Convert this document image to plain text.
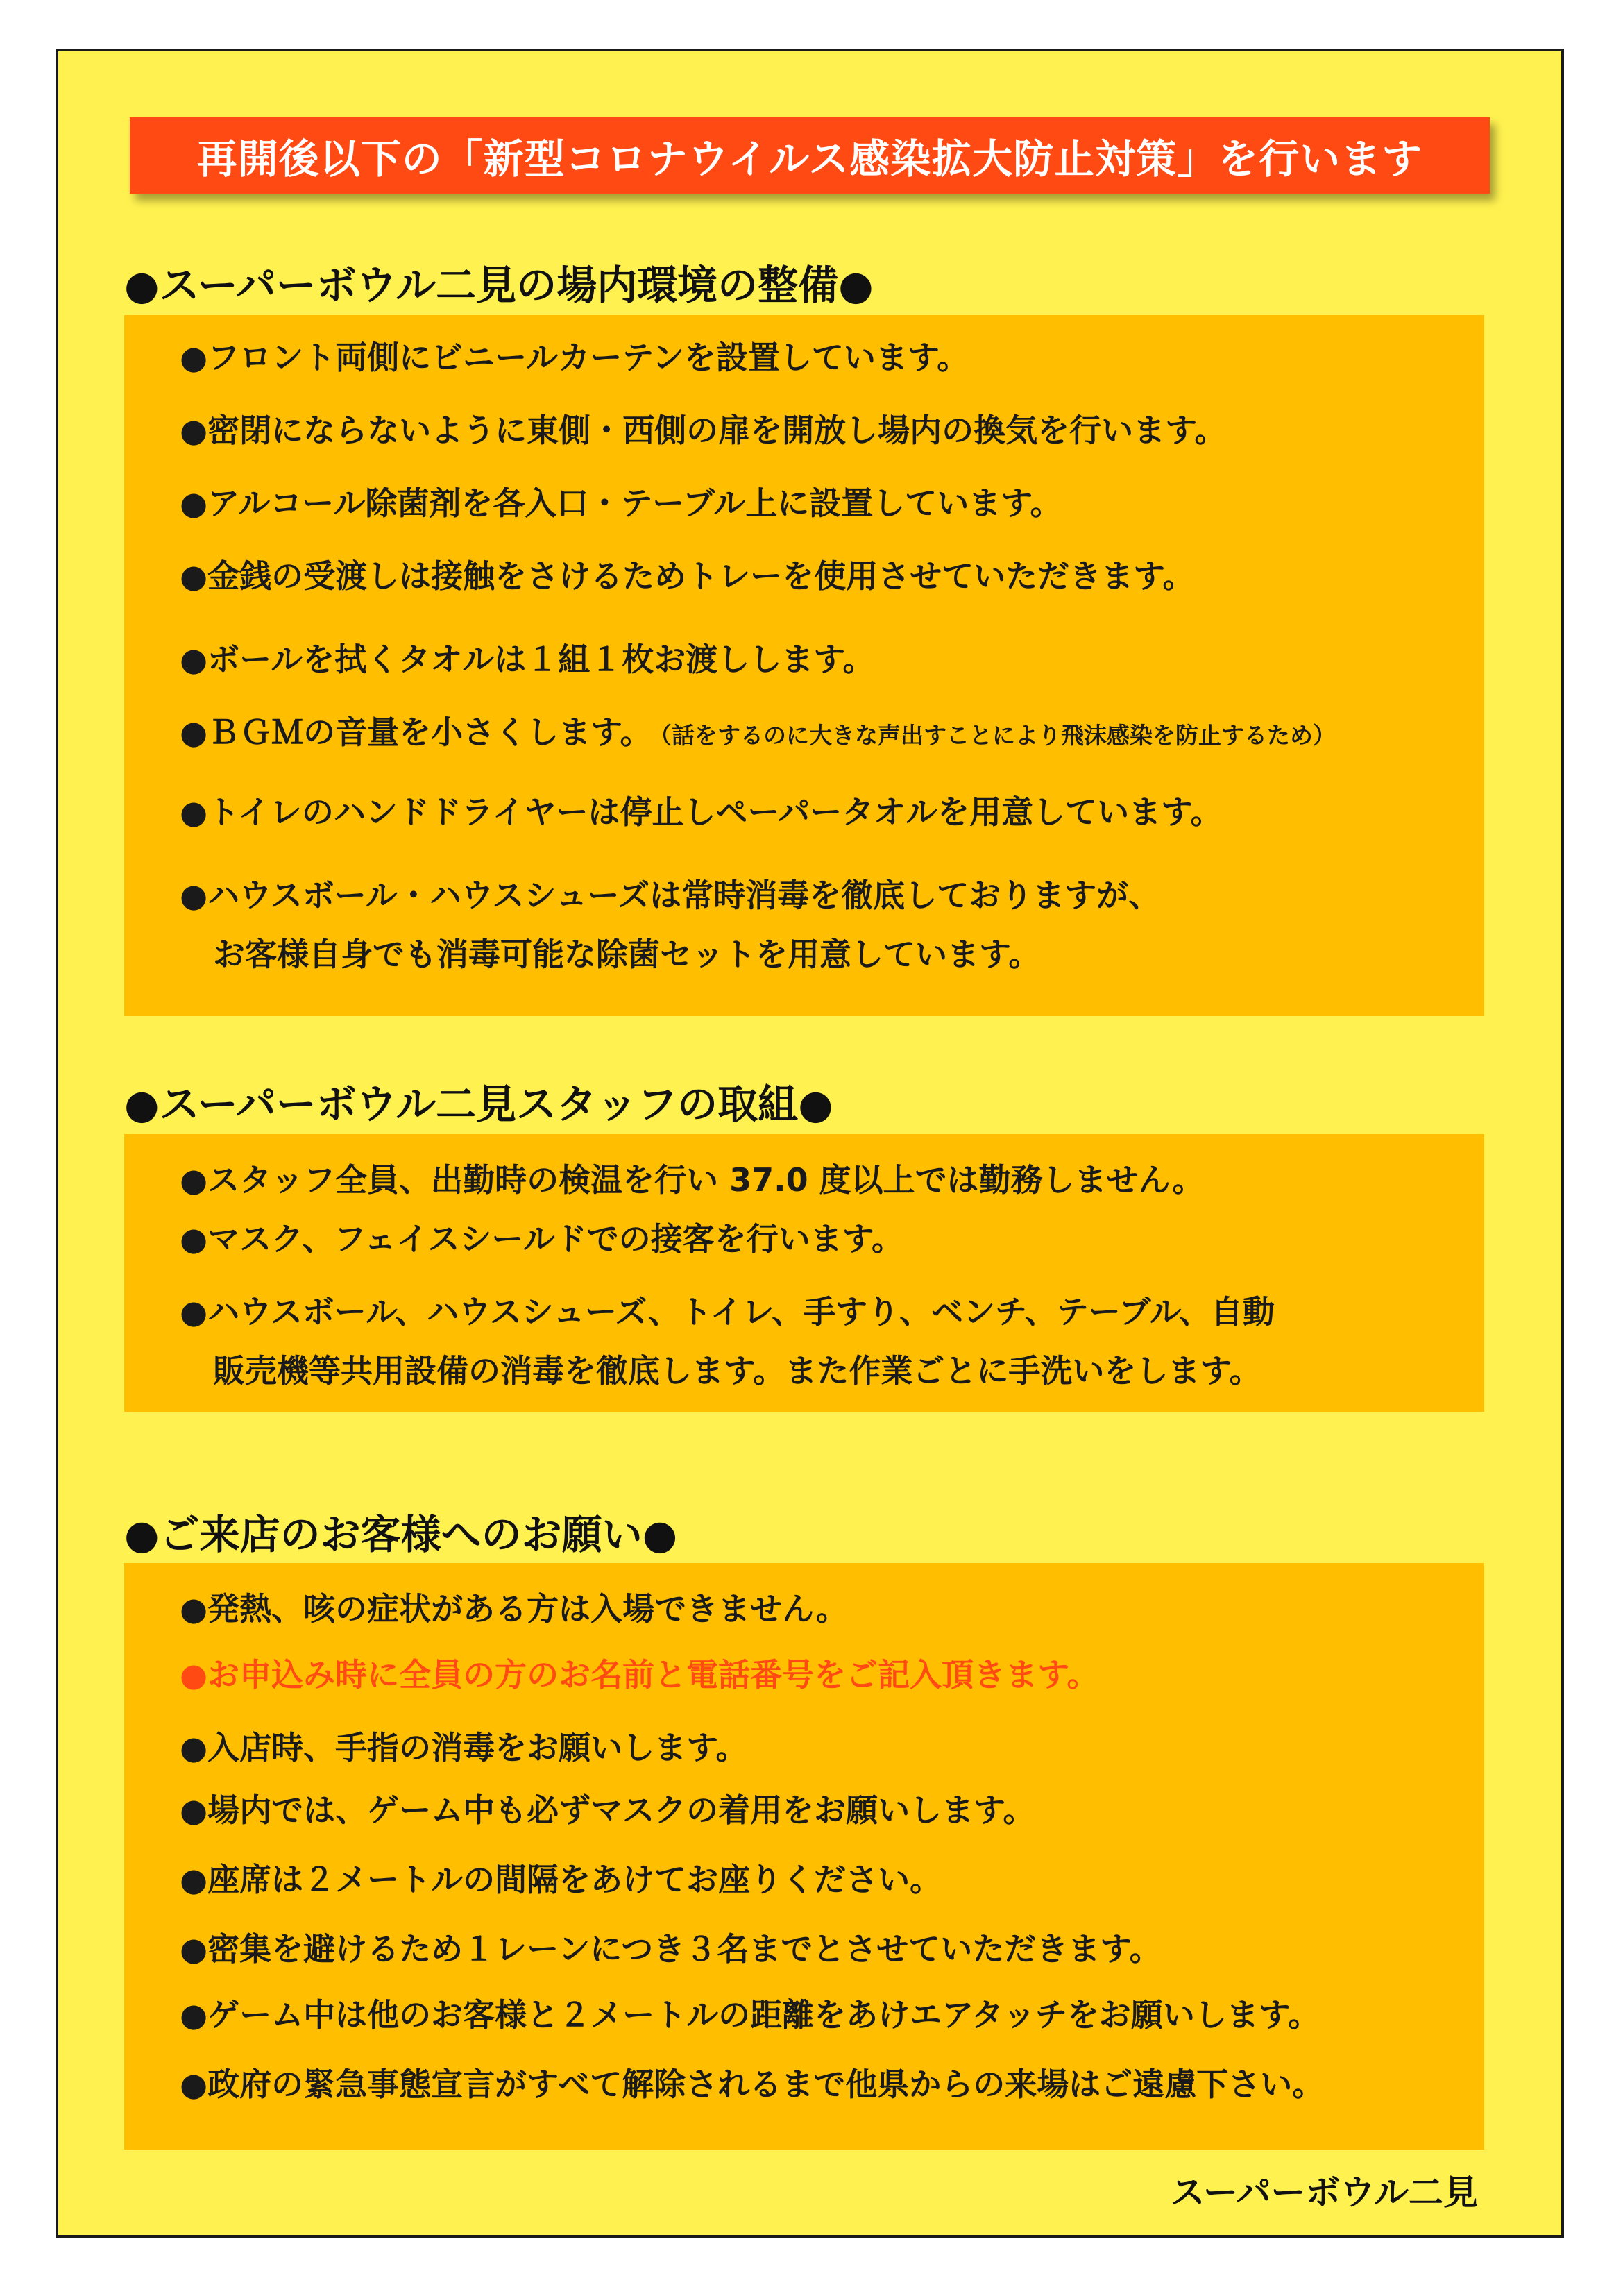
再開後以下の「新型コロナウイルス感染拡大防止対策」を行います
●スーパーボウル二見の場内環境の整備●
●フロント両側にビニールカーテンを設置しています。
●密閉にならないように東側・西側の扉を開放し場内の換気を行います。
●アルコール除菌剤を各入口・テーブル上に設置しています。
●金銭の受渡しは接触をさけるためトレーを使用させていただきます。
●ボールを拭くタオルは１組１枚お渡しします。
●ＢＧＭの音量を小さくします。 （話をするのに大きな声出すことにより飛沫感染を防止するため）
●トイレのハンドドライヤーは停止しペーパータオルを用意しています。
●ハウスボール・ハウスシューズは常時消毒を徹底しておりますが、
お客様自身でも消毒可能な除菌セットを用意しています。
●スーパーボウル二見スタッフの取組●
●スタッフ全員、出勤時の検温を行い 37.0 度以上では勤務しません。
●マスク、フェイスシールドでの接客を行います。
●ハウスボール、ハウスシューズ、トイレ、手すり、ベンチ、テーブル、自動
販売機等共用設備の消毒を徹底します。また作業ごとに手洗いをします。
●ご来店のお客様へのお願い●
●発熱、咳の症状がある方は入場できません。
●お申込み時に全員の方のお名前と電話番号をご記入頂きます。
●入店時、手指の消毒をお願いします。
●場内では、ゲーム中も必ずマスクの着用をお願いします。
●座席は２メートルの間隔をあけてお座りください。
●密集を避けるため１レーンにつき３名までとさせていただきます。
●ゲーム中は他のお客様と２メートルの距離をあけエアタッチをお願いします。
●政府の緊急事態宣言がすべて解除されるまで他県からの来場はご遠慮下さい。
スーパーボウル二見
